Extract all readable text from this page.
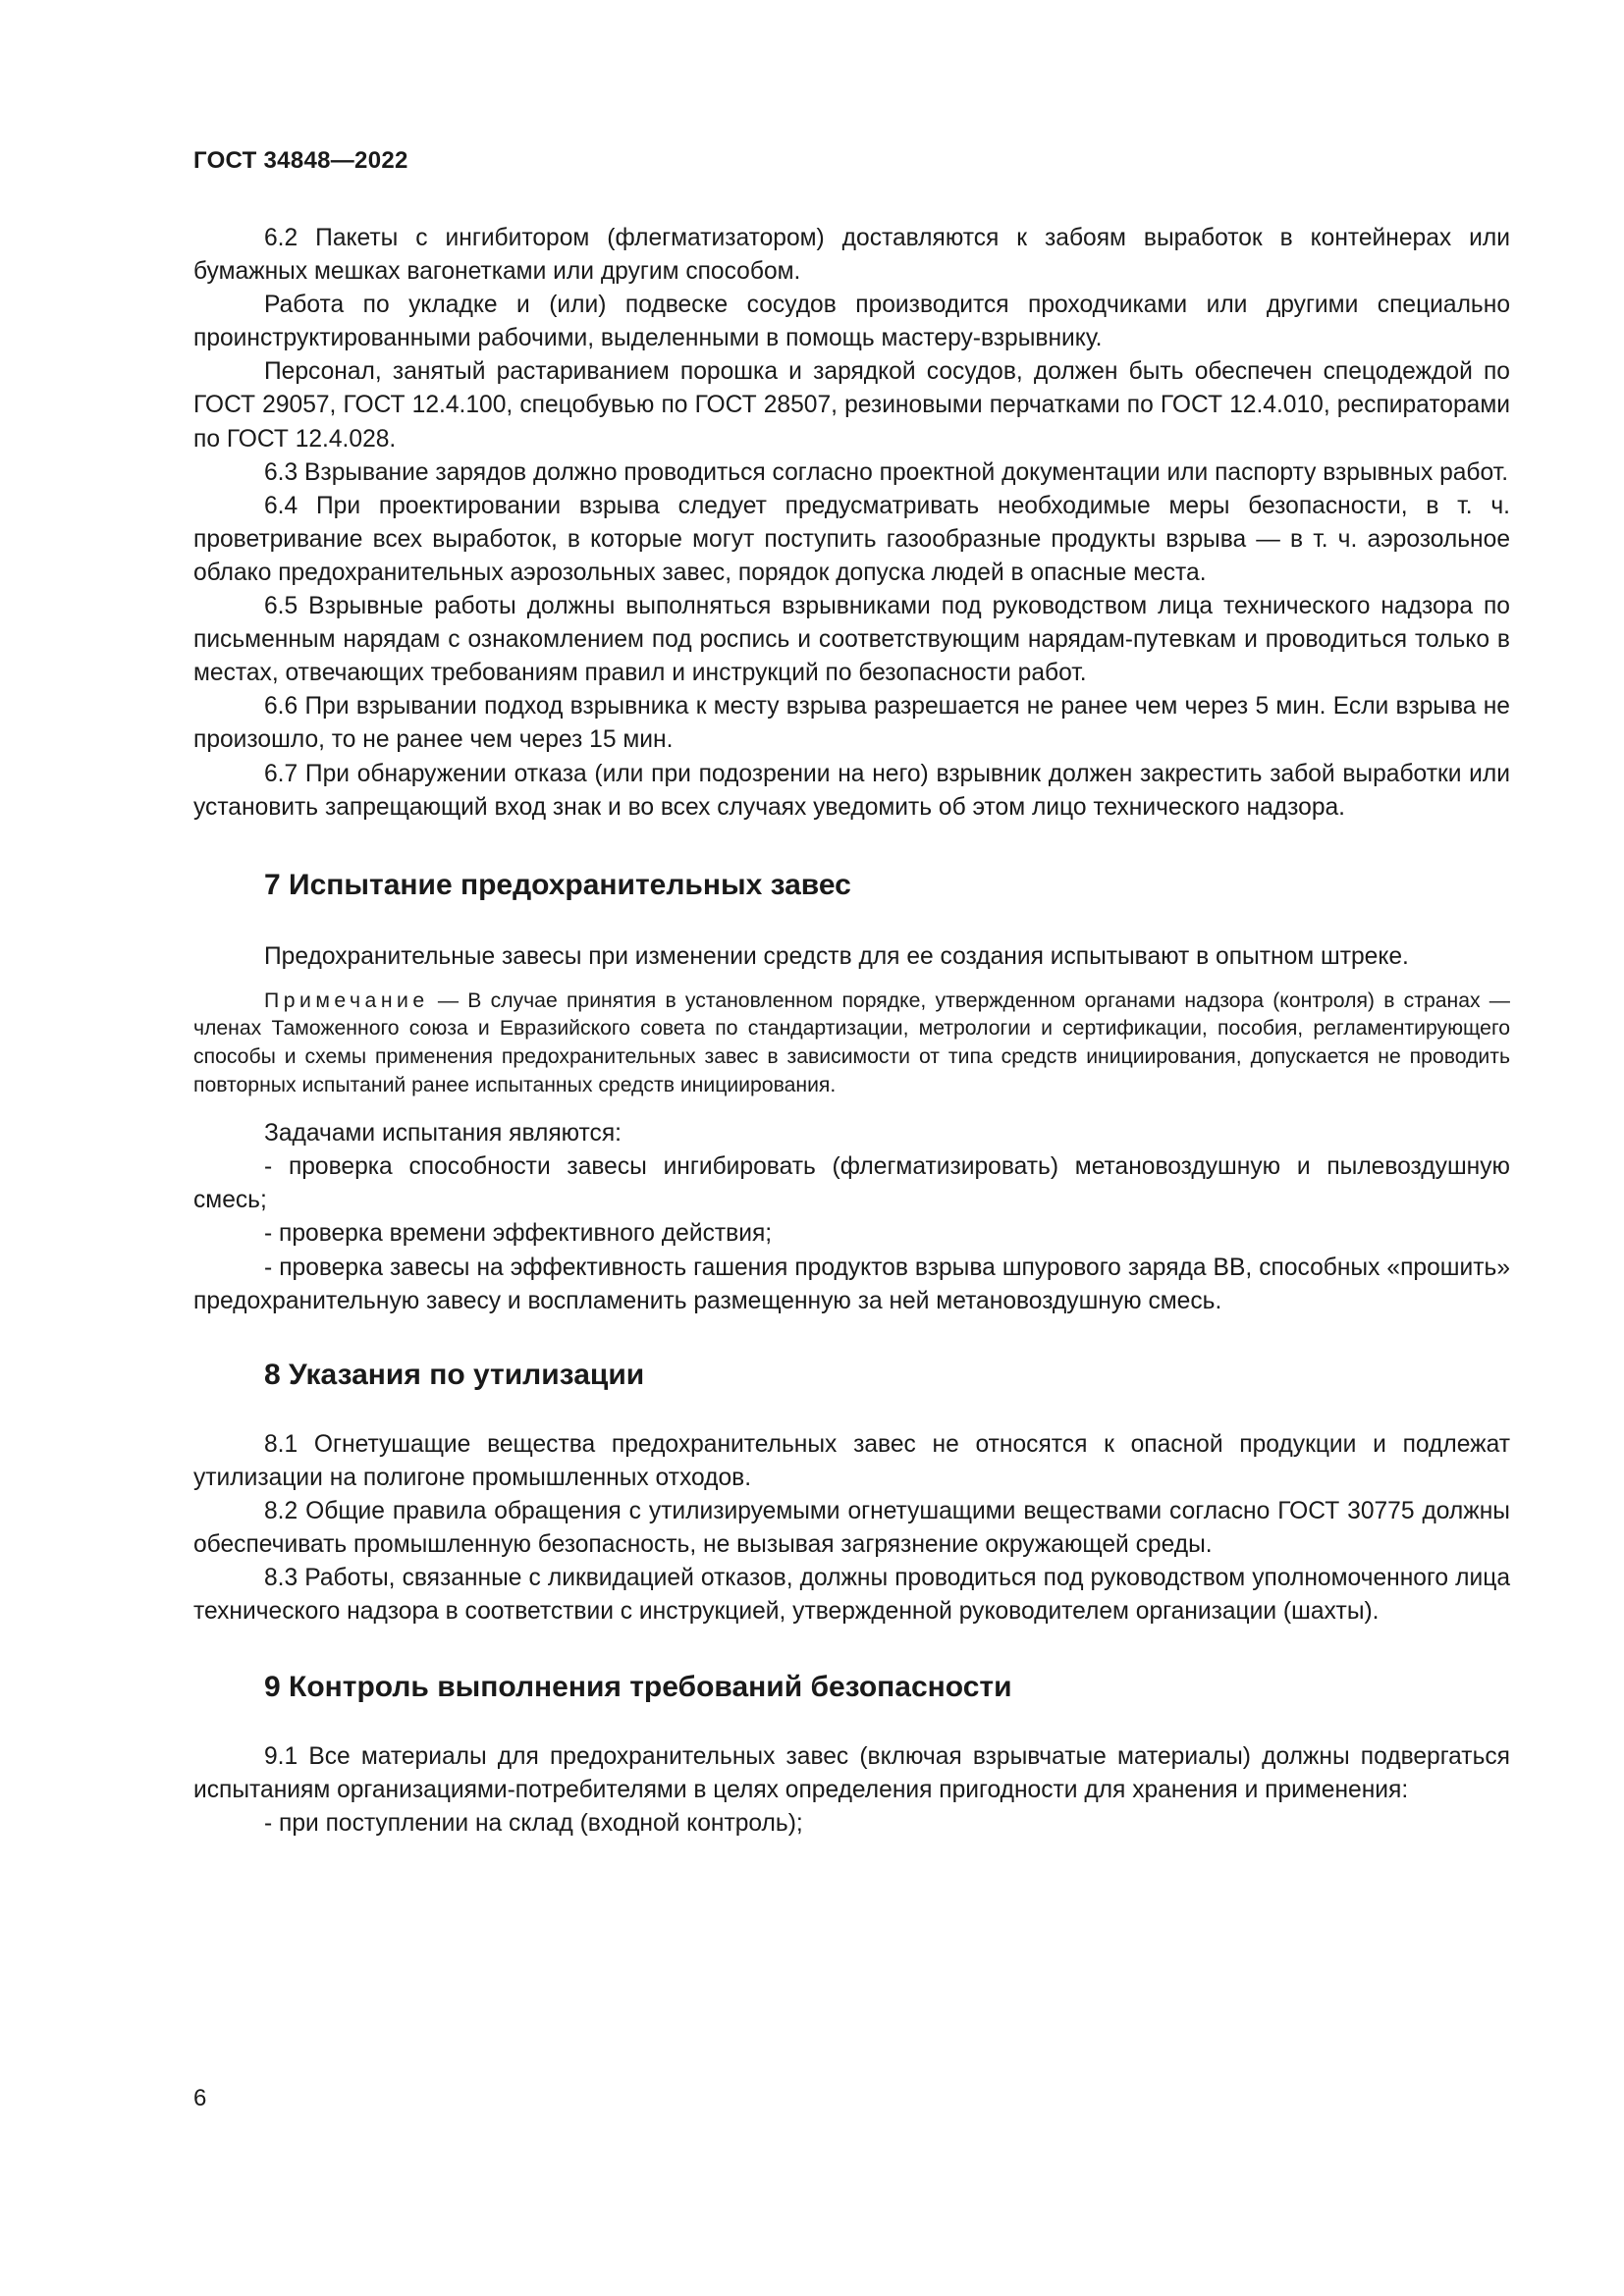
ГОСТ 34848—2022

6.2 Пакеты с ингибитором (флегматизатором) доставляются к забоям выработок в контейнерах или бумажных мешках вагонетками или другим способом.

Работа по укладке и (или) подвеске сосудов производится проходчиками или другими специально проинструктированными рабочими, выделенными в помощь мастеру-взрывнику.

Персонал, занятый растариванием порошка и зарядкой сосудов, должен быть обеспечен спецодеждой по ГОСТ 29057, ГОСТ 12.4.100, спецобувью по ГОСТ 28507, резиновыми перчатками по ГОСТ 12.4.010, респираторами по ГОСТ 12.4.028.

6.3 Взрывание зарядов должно проводиться согласно проектной документации или паспорту взрывных работ.

6.4 При проектировании взрыва следует предусматривать необходимые меры безопасности, в т. ч. проветривание всех выработок, в которые могут поступить газообразные продукты взрыва — в т. ч. аэрозольное облако предохранительных аэрозольных завес, порядок допуска людей в опасные места.

6.5 Взрывные работы должны выполняться взрывниками под руководством лица технического надзора по письменным нарядам с ознакомлением под роспись и соответствующим нарядам-путевкам и проводиться только в местах, отвечающих требованиям правил и инструкций по безопасности работ.

6.6 При взрывании подход взрывника к месту взрыва разрешается не ранее чем через 5 мин. Если взрыва не произошло, то не ранее чем через 15 мин.

6.7 При обнаружении отказа (или при подозрении на него) взрывник должен закрестить забой выработки или установить запрещающий вход знак и во всех случаях уведомить об этом лицо технического надзора.

7 Испытание предохранительных завес

Предохранительные завесы при изменении средств для ее создания испытывают в опытном штреке.

Примечание — В случае принятия в установленном порядке, утвержденном органами надзора (контроля) в странах — членах Таможенного союза и Евразийского совета по стандартизации, метрологии и сертификации, пособия, регламентирующего способы и схемы применения предохранительных завес в зависимости от типа средств инициирования, допускается не проводить повторных испытаний ранее испытанных средств инициирования.

Задачами испытания являются:

- проверка способности завесы ингибировать (флегматизировать) метановоздушную и пылевоздушную смесь;

- проверка времени эффективного действия;

- проверка завесы на эффективность гашения продуктов взрыва шпурового заряда ВВ, способных «прошить» предохранительную завесу и воспламенить размещенную за ней метановоздушную смесь.

8 Указания по утилизации

8.1 Огнетушащие вещества предохранительных завес не относятся к опасной продукции и подлежат утилизации на полигоне промышленных отходов.

8.2 Общие правила обращения с утилизируемыми огнетушащими веществами согласно ГОСТ 30775 должны обеспечивать промышленную безопасность, не вызывая загрязнение окружающей среды.

8.3 Работы, связанные с ликвидацией отказов, должны проводиться под руководством уполномоченного лица технического надзора в соответствии с инструкцией, утвержденной руководителем организации (шахты).

9 Контроль выполнения требований безопасности

9.1 Все материалы для предохранительных завес (включая взрывчатые материалы) должны подвергаться испытаниям организациями-потребителями в целях определения пригодности для хранения и применения:

- при поступлении на склад (входной контроль);

6
